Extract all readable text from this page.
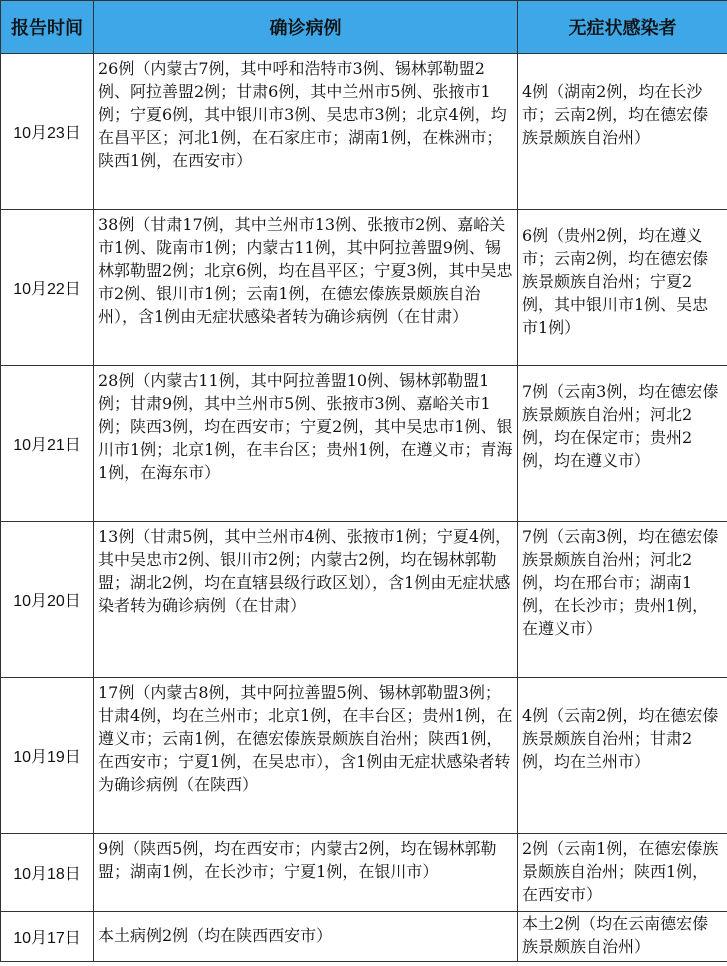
报告时间	确诊病例	无症状感染者
10月23日	26例（内蒙古7例，其中呼和浩特市3例、锡林郭勒盟2例、阿拉善盟2例；甘肃6例，其中兰州市5例、张掖市1例；宁夏6例，其中银川市3例、吴忠市3例；北京4例，均在昌平区；河北1例，在石家庄市；湖南1例，在株洲市；陕西1例，在西安市）	4例（湖南2例，均在长沙市；云南2例，均在德宏傣族景颇族自治州）
10月22日	38例（甘肃17例，其中兰州市13例、张掖市2例、嘉峪关市1例、陇南市1例；内蒙古11例，其中阿拉善盟9例、锡林郭勒盟2例；北京6例，均在昌平区；宁夏3例，其中吴忠市2例、银川市1例；云南1例，在德宏傣族景颇族自治州），含1例由无症状感染者转为确诊病例（在甘肃）	6例（贵州2例，均在遵义市；云南2例，均在德宏傣族景颇族自治州；宁夏2例，其中银川市1例、吴忠市1例）
10月21日	28例（内蒙古11例，其中阿拉善盟10例、锡林郭勒盟1例；甘肃9例，其中兰州市5例、张掖市3例、嘉峪关市1例；陕西3例，均在西安市；宁夏2例，其中吴忠市1例、银川市1例；北京1例，在丰台区；贵州1例，在遵义市；青海1例，在海东市）	7例（云南3例，均在德宏傣族景颇族自治州；河北2例，均在保定市；贵州2例，均在遵义市）
10月20日	13例（甘肃5例，其中兰州市4例、张掖市1例；宁夏4例，其中吴忠市2例、银川市2例；内蒙古2例，均在锡林郭勒盟；湖北2例，均在直辖县级行政区划），含1例由无症状感染者转为确诊病例（在甘肃）	7例（云南3例，均在德宏傣族景颇族自治州；河北2例，均在邢台市；湖南1例，在长沙市；贵州1例，在遵义市）
10月19日	17例（内蒙古8例，其中阿拉善盟5例、锡林郭勒盟3例；甘肃4例，均在兰州市；北京1例，在丰台区；贵州1例，在遵义市；云南1例，在德宏傣族景颇族自治州；陕西1例，在西安市；宁夏1例，在吴忠市），含1例由无症状感染者转为确诊病例（在陕西）	4例（云南2例，均在德宏傣族景颇族自治州；甘肃2例，均在兰州市）
10月18日	9例（陕西5例，均在西安市；内蒙古2例，均在锡林郭勒盟；湖南1例，在长沙市；宁夏1例，在银川市）	2例（云南1例，在德宏傣族景颇族自治州；陕西1例，在西安市）
10月17日	本土病例2例（均在陕西西安市）	本土2例（均在云南德宏傣族景颇族自治州）
